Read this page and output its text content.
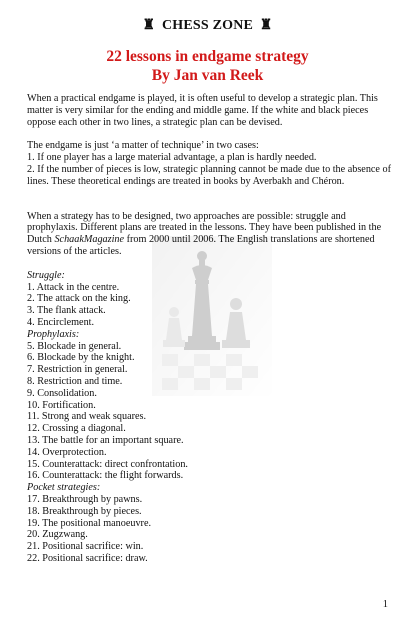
♜ CHESS ZONE ♜
22 lessons in endgame strategy
By Jan van Reek

When a practical endgame is played, it is often useful to develop a strategic plan. This matter is very similar for the ending and middle game. If the white and black pieces oppose each other in two lines, a strategic plan can be devised.

The endgame is just ‘a matter of technique’ in two cases:

1. If one player has a large material advantage, a plan is hardly needed.

2. If the number of pieces is low, strategic planning cannot be made due to the absence of lines. These theoretical endings are treated in books by Averbakh and Chéron.

When a strategy has to be designed, two approaches are possible: struggle and prophylaxis. Different plans are treated in the lessons. They have been published in the Dutch SchaakMagazine from 2000 until 2006. The English translations are shortened versions of the articles.

Struggle:
1. Attack in the centre.
2. The attack on the king.
3. The flank attack.
4. Encirclement.
Prophylaxis:
5. Blockade in general.
6. Blockade by the knight.
7. Restriction in general.
8. Restriction and time.
9. Consolidation.
10. Fortification.
11. Strong and weak squares.
12. Crossing a diagonal.
13. The battle for an important square.
14. Overprotection.
15. Counterattack: direct confrontation.
16. Counterattack: the flight forwards.
Pocket strategies:
17. Breakthrough by pawns.
18. Breakthrough by pieces.
19. The positional manoeuvre.
20. Zugzwang.
21. Positional sacrifice: win.
22. Positional sacrifice: draw.
1
